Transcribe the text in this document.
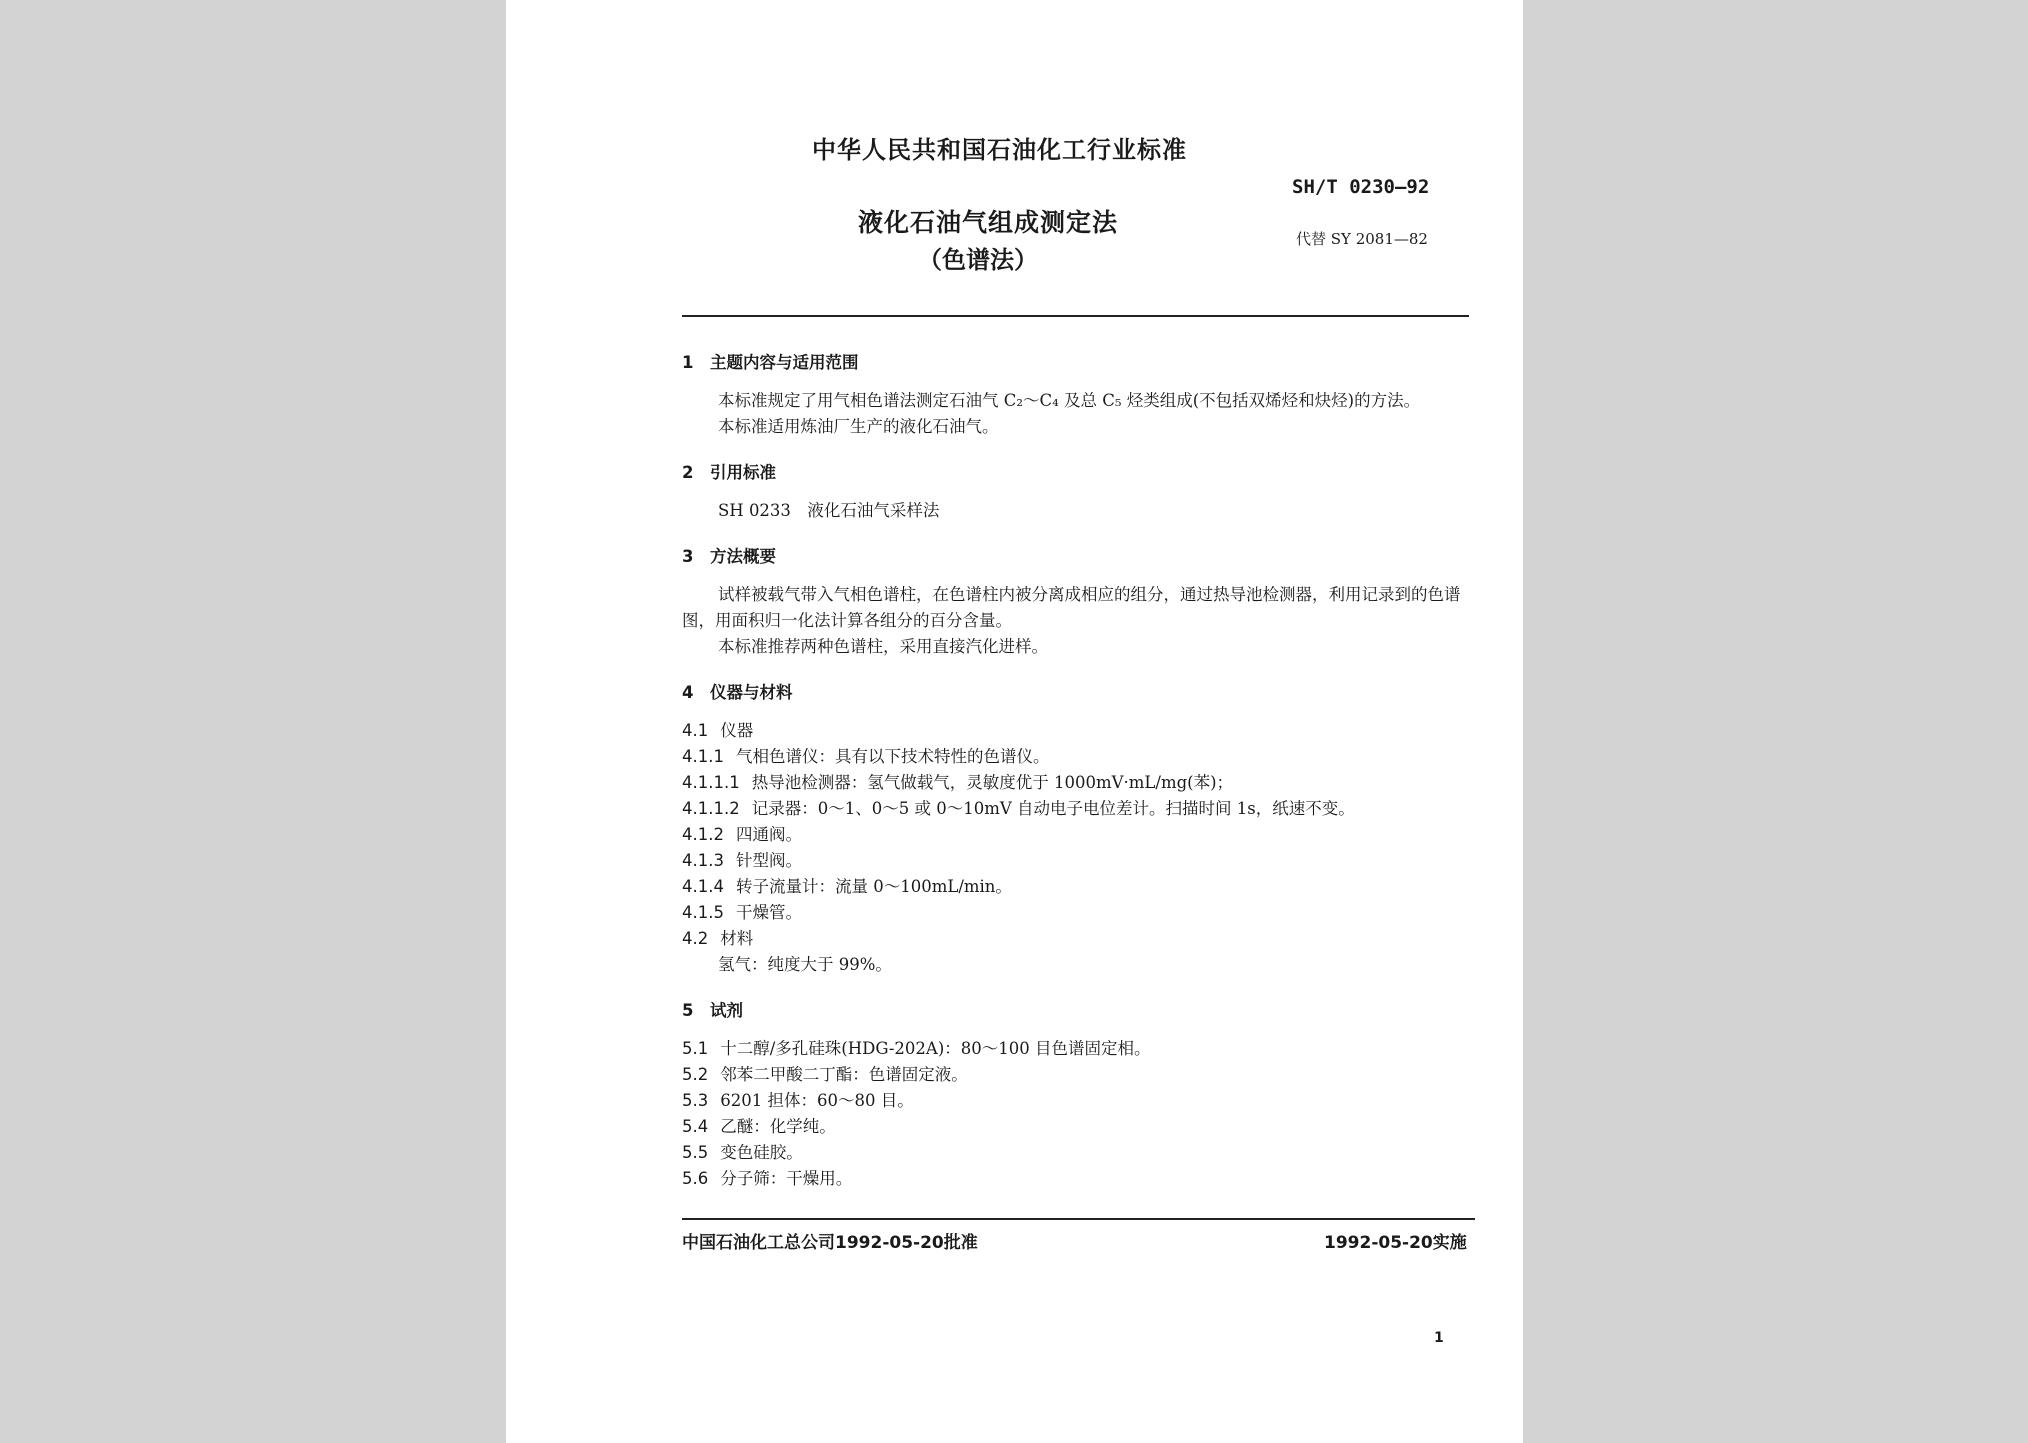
中华人民共和国石油化工行业标准
SH/T 0230—92
液化石油气组成测定法
（色谱法）
代替 SY 2081—82
1 主题内容与适用范围
本标准规定了用气相色谱法测定石油气 C₂～C₄ 及总 C₅ 烃类组成(不包括双烯烃和炔烃)的方法。
本标准适用炼油厂生产的液化石油气。
2 引用标准
SH 0233　液化石油气采样法
3 方法概要
试样被载气带入气相色谱柱，在色谱柱内被分离成相应的组分，通过热导池检测器，利用记录到的色谱图，用面积归一化法计算各组分的百分含量。
本标准推荐两种色谱柱，采用直接汽化进样。
4 仪器与材料
4.1 仪器
4.1.1 气相色谱仪：具有以下技术特性的色谱仪。
4.1.1.1 热导池检测器：氢气做载气，灵敏度优于 1000mV·mL/mg(苯)；
4.1.1.2 记录器：0～1、0～5 或 0～10mV 自动电子电位差计。扫描时间 1s，纸速不变。
4.1.2 四通阀。
4.1.3 针型阀。
4.1.4 转子流量计：流量 0～100mL/min。
4.1.5 干燥管。
4.2 材料
氢气：纯度大于 99%。
5 试剂
5.1 十二醇/多孔硅珠(HDG-202A)：80～100 目色谱固定相。
5.2 邻苯二甲酸二丁酯：色谱固定液。
5.3 6201 担体：60～80 目。
5.4 乙醚：化学纯。
5.5 变色硅胶。
5.6 分子筛：干燥用。
中国石油化工总公司1992-05-20批准	1992-05-20实施
1
